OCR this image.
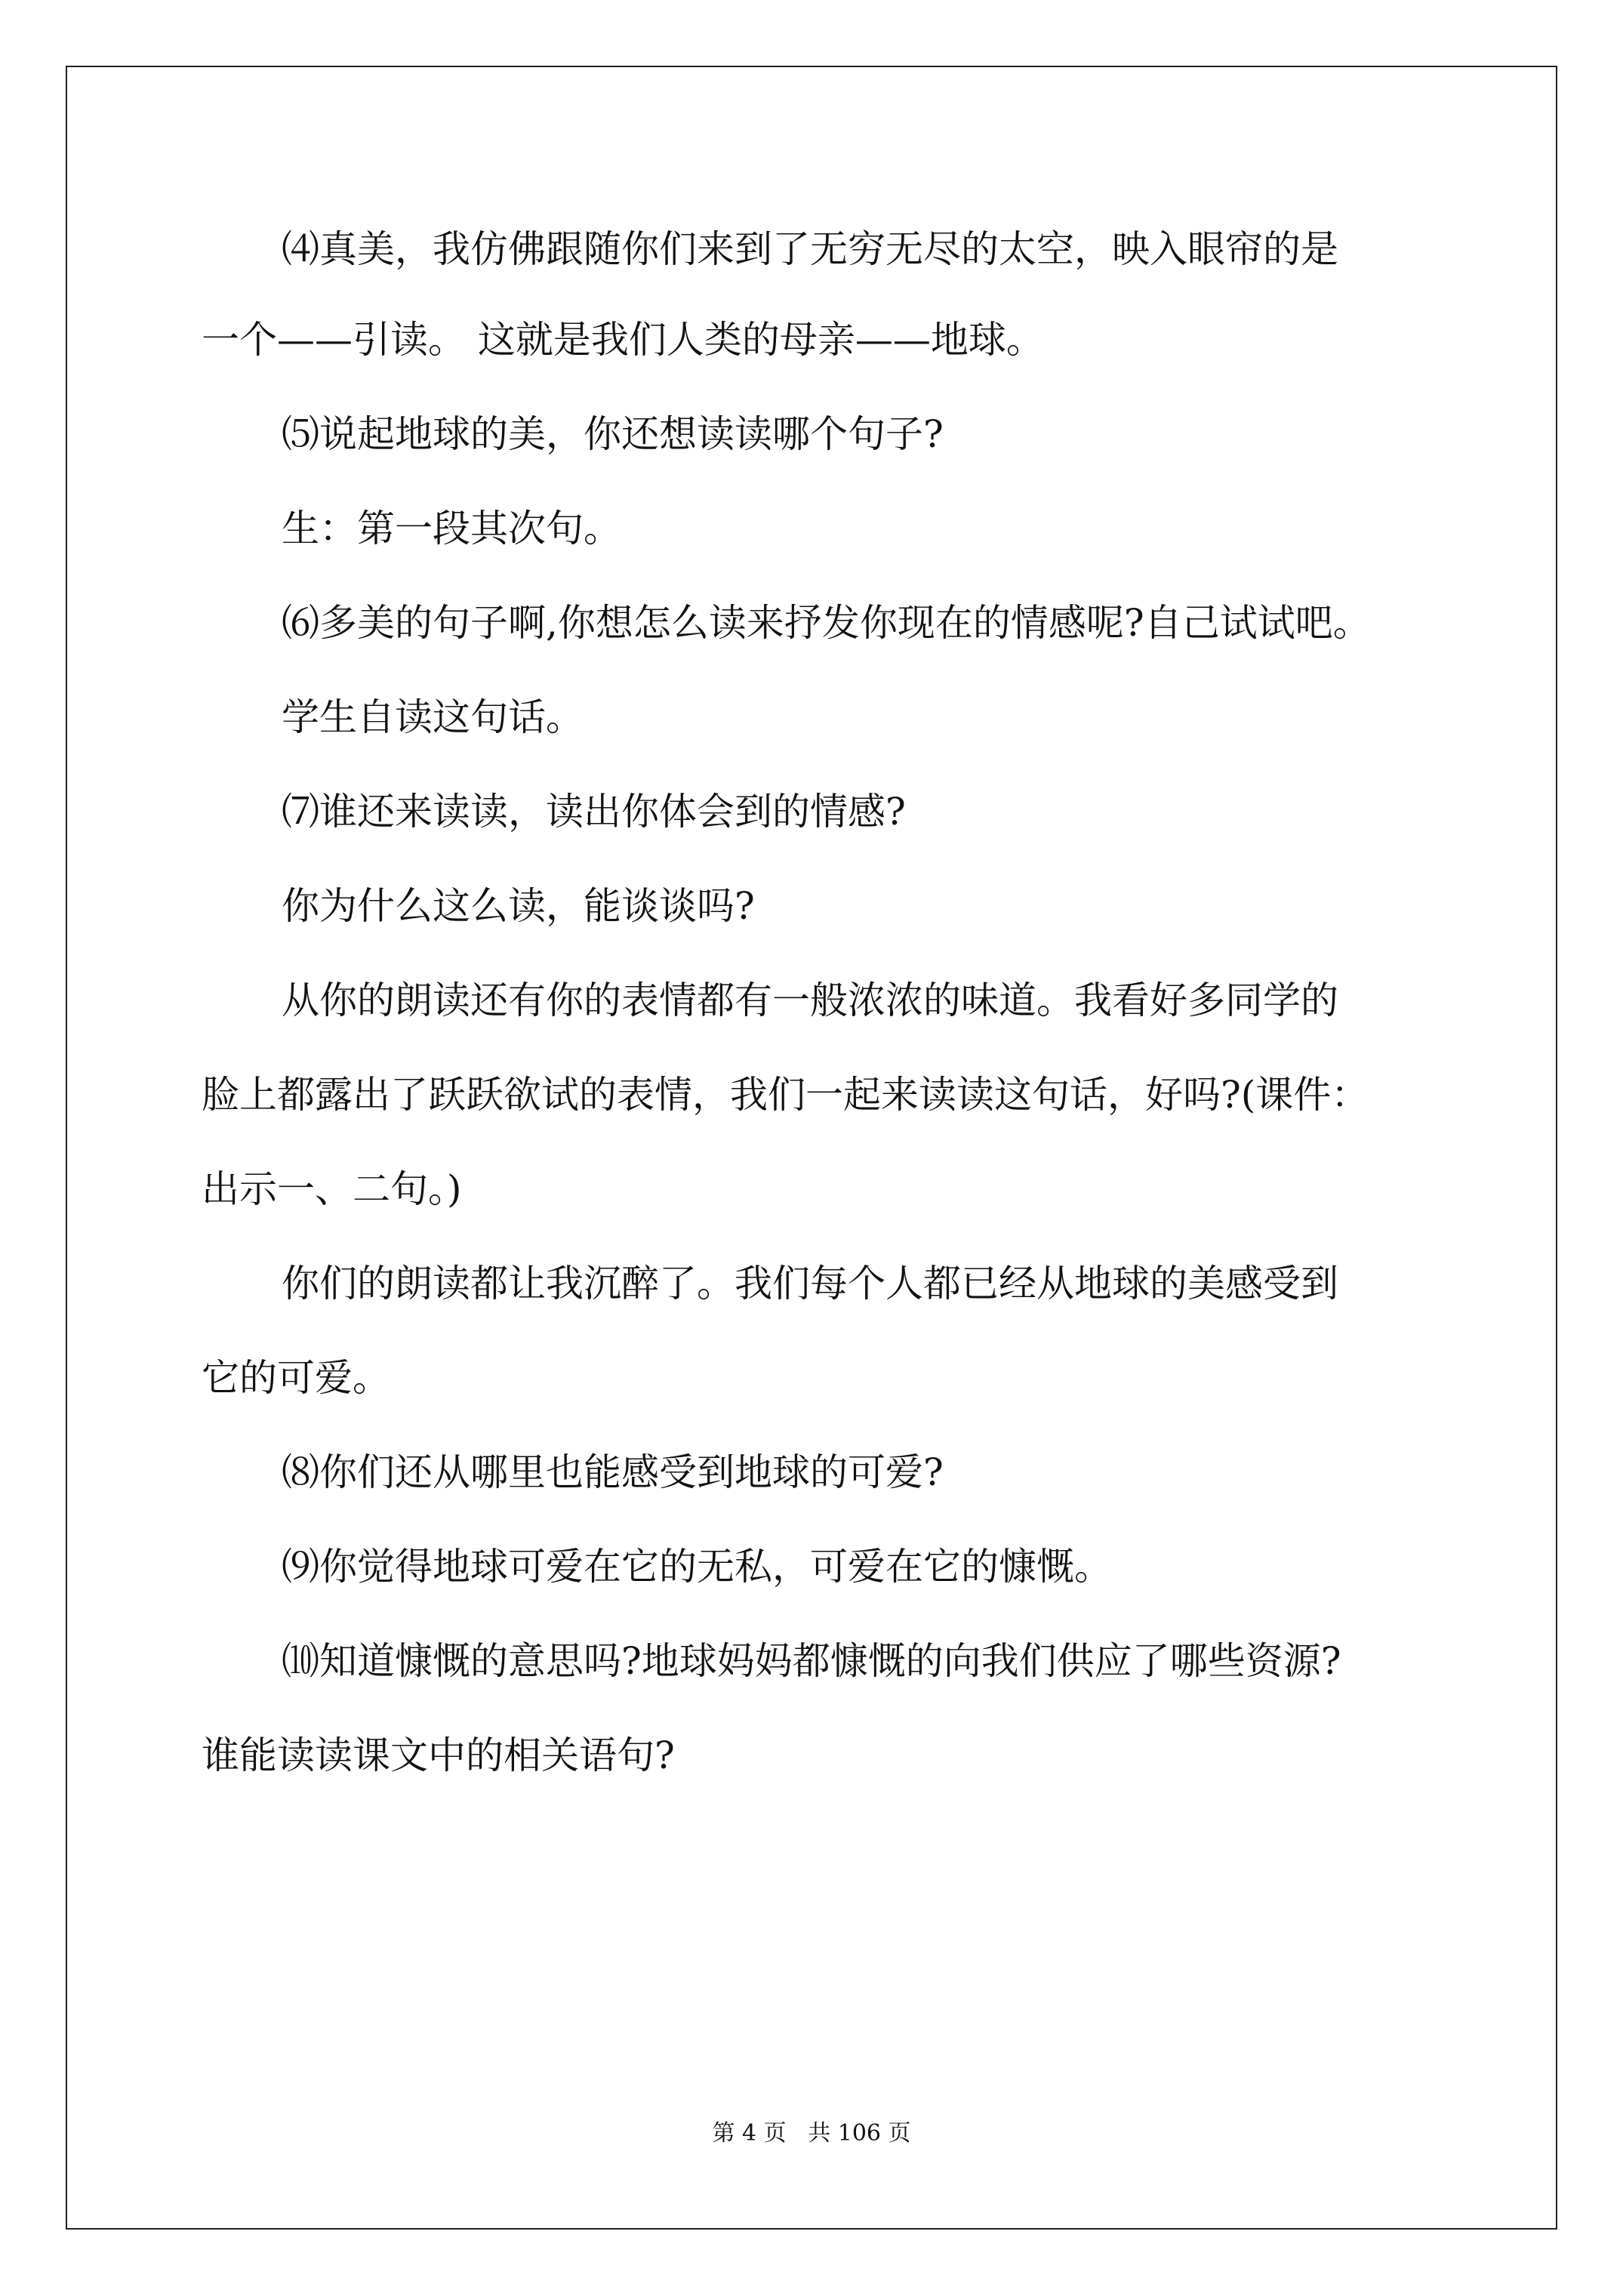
⑷真美，我仿佛跟随你们来到了无穷无尽的太空，映入眼帘的是

一个——引读。 这就是我们人类的母亲——地球。

⑸说起地球的美，你还想读读哪个句子?

生：第一段其次句。

⑹多美的句子啊,你想怎么读来抒发你现在的情感呢?自己试试吧。

学生自读这句话。

⑺谁还来读读，读出你体会到的情感?

你为什么这么读，能谈谈吗?

从你的朗读还有你的表情都有一般浓浓的味道。我看好多同学的

脸上都露出了跃跃欲试的表情，我们一起来读读这句话，好吗?(课件：

出示一、二句。)

你们的朗读都让我沉醉了。我们每个人都已经从地球的美感受到

它的可爱。

⑻你们还从哪里也能感受到地球的可爱?

⑼你觉得地球可爱在它的无私，可爱在它的慷慨。

⑽知道慷慨的意思吗?地球妈妈都慷慨的向我们供应了哪些资源?

谁能读读课文中的相关语句?

第 4 页   共 106 页
